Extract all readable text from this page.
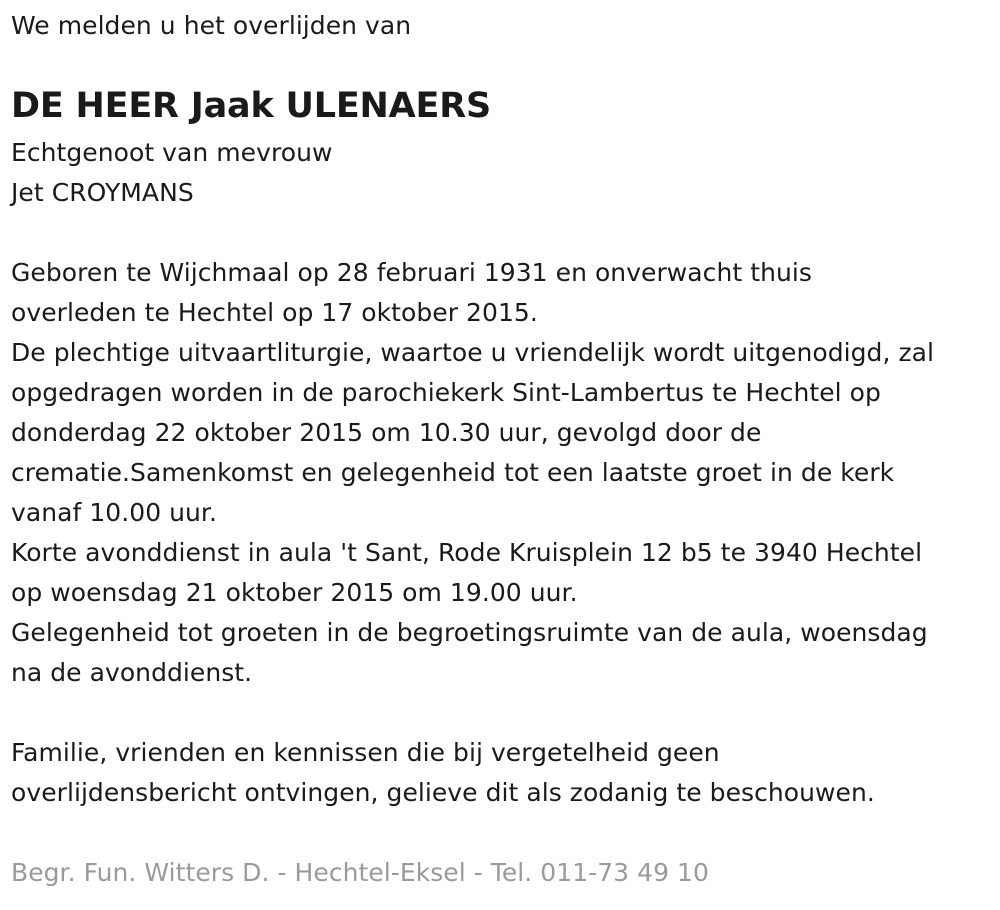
We melden u het overlijden van
DE HEER Jaak ULENAERS
Echtgenoot van mevrouw
Jet CROYMANS
Geboren te Wijchmaal op 28 februari 1931 en onverwacht thuis
overleden te Hechtel op 17 oktober 2015.
De plechtige uitvaartliturgie, waartoe u vriendelijk wordt uitgenodigd, zal
opgedragen worden in de parochiekerk Sint-Lambertus te Hechtel op
donderdag 22 oktober 2015 om 10.30 uur, gevolgd door de
crematie.Samenkomst en gelegenheid tot een laatste groet in de kerk
vanaf 10.00 uur.
Korte avonddienst in aula 't Sant, Rode Kruisplein 12 b5 te 3940 Hechtel
op woensdag 21 oktober 2015 om 19.00 uur.
Gelegenheid tot groeten in de begroetingsruimte van de aula, woensdag
na de avonddienst.
Familie, vrienden en kennissen die bij vergetelheid geen
overlijdensbericht ontvingen, gelieve dit als zodanig te beschouwen.
Begr. Fun. Witters D. - Hechtel-Eksel - Tel. 011-73 49 10
